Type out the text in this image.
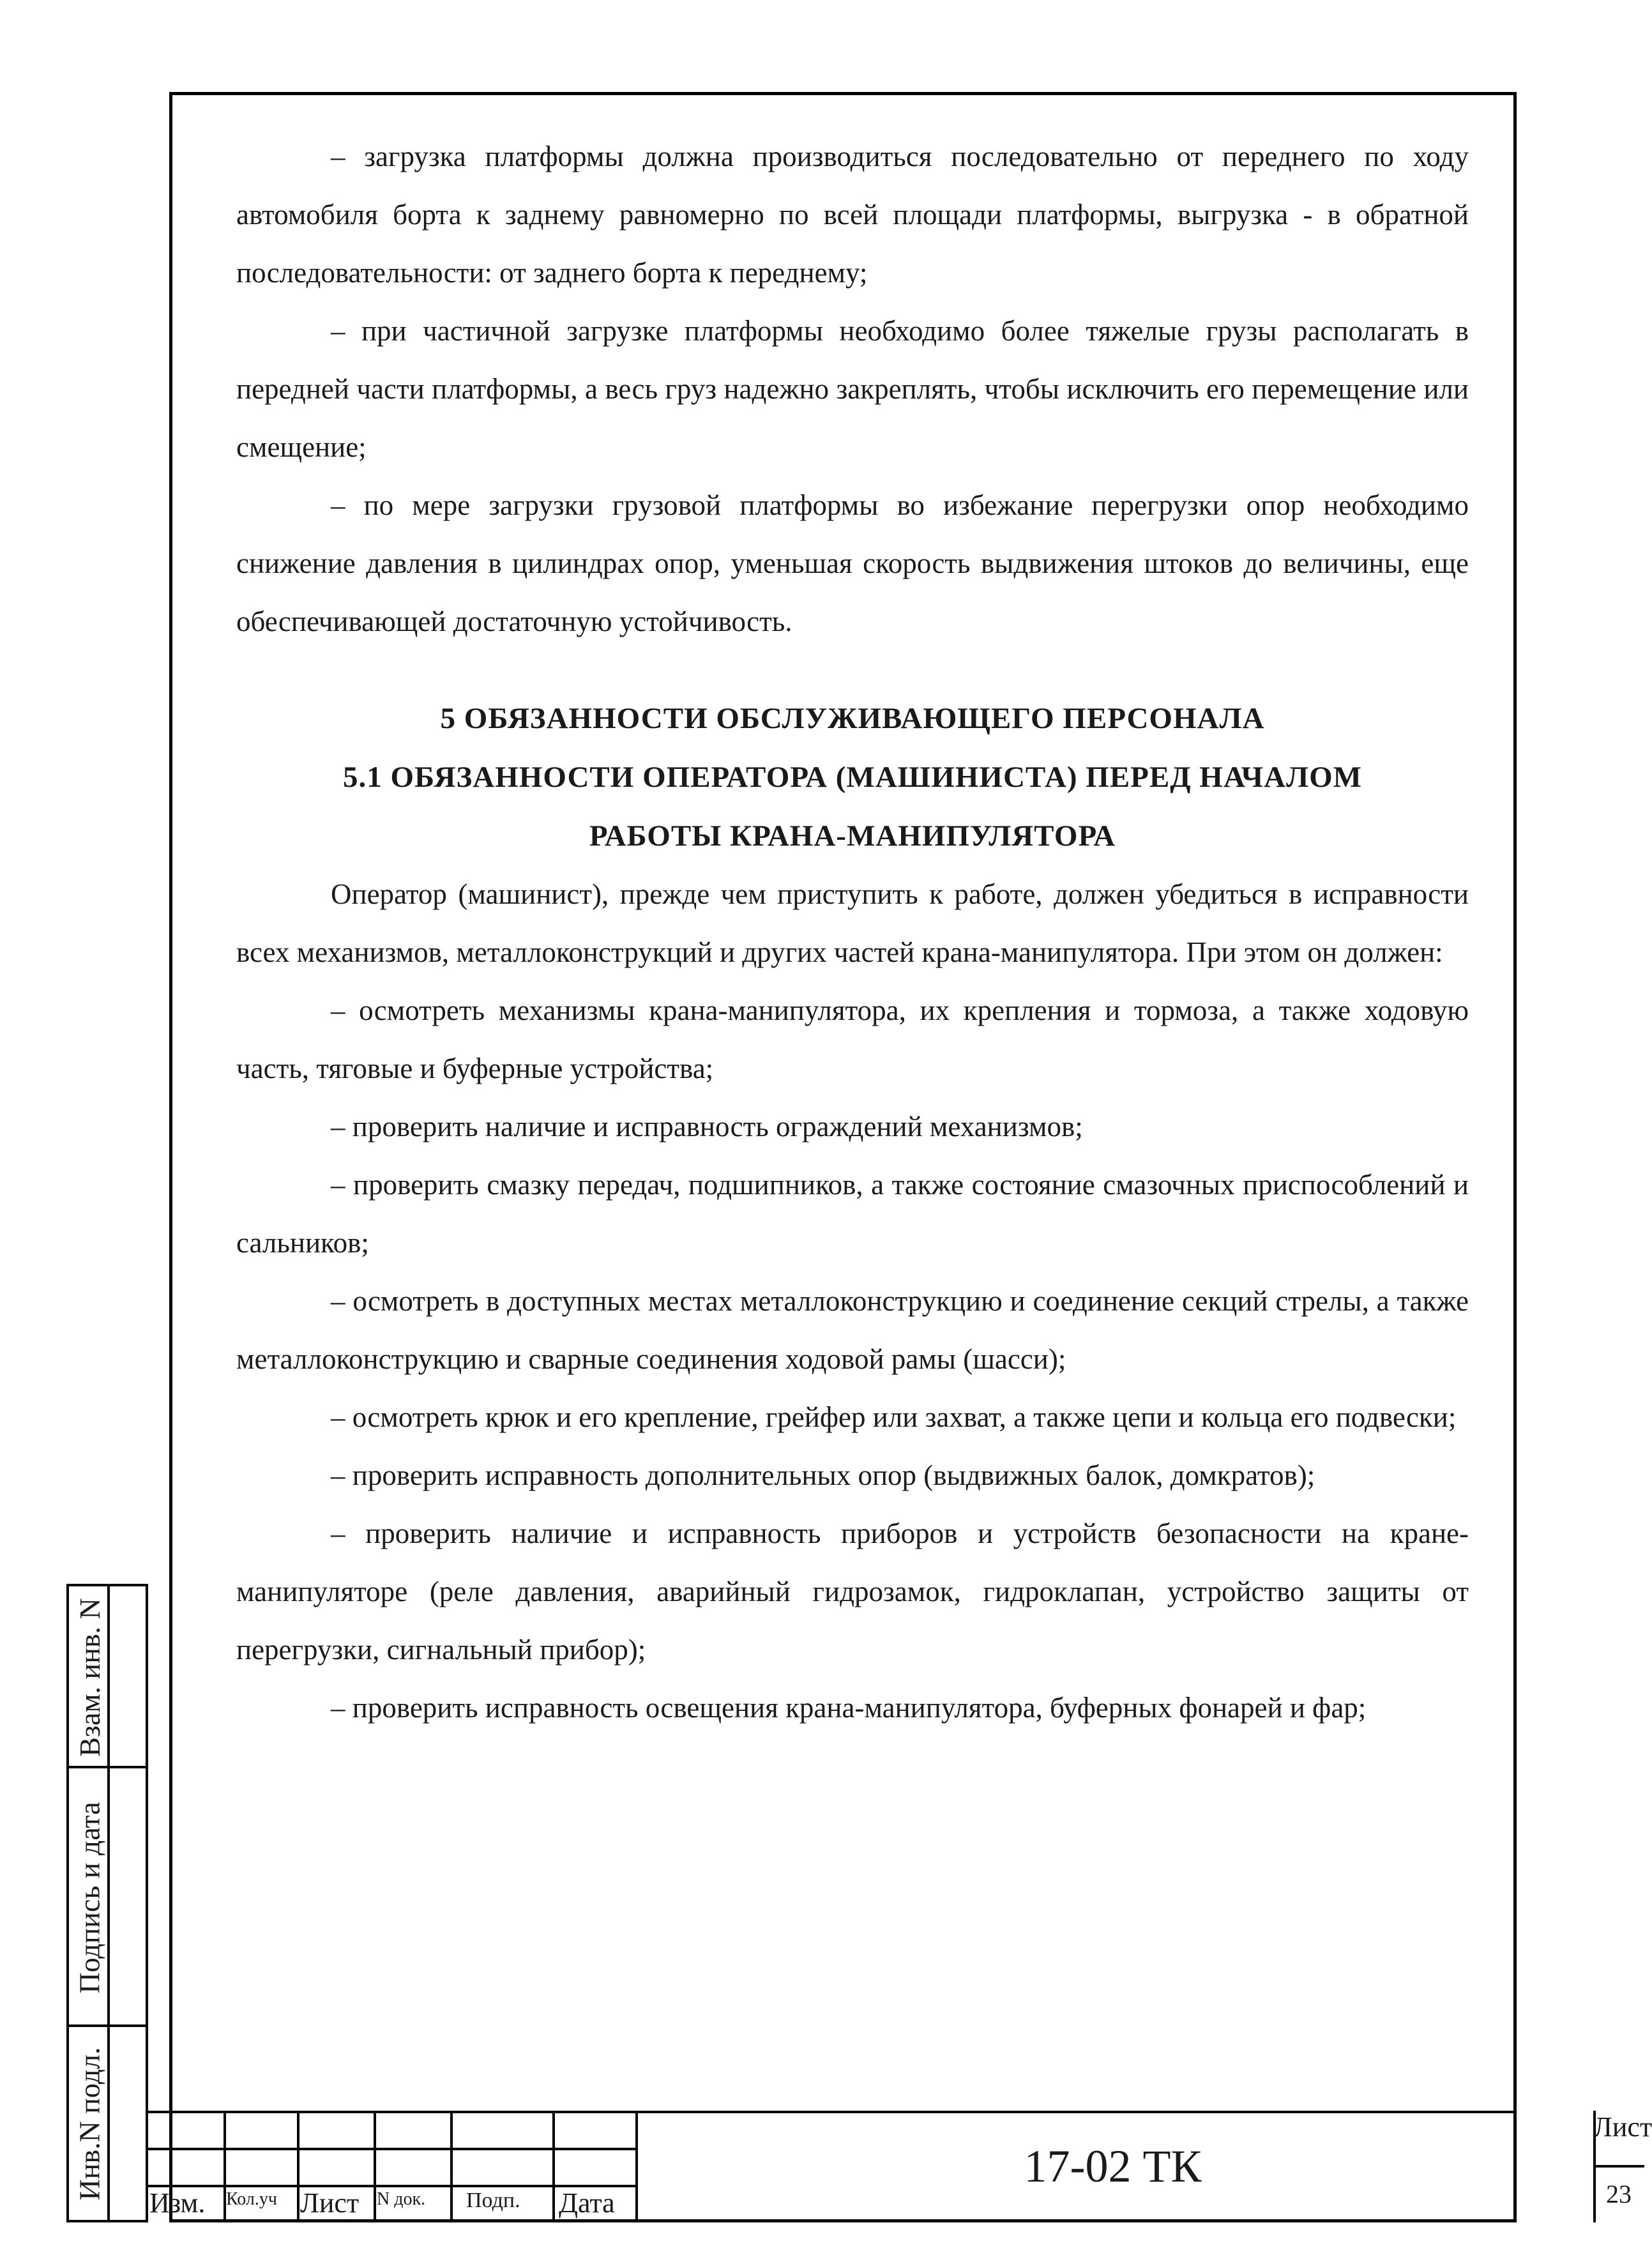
– загрузка платформы должна производиться последовательно от переднего по ходу автомобиля борта к заднему равномерно по всей площади платформы, выгрузка - в обратной последовательности: от заднего борта к переднему;

– при частичной загрузке платформы необходимо более тяжелые грузы располагать в передней части платформы, а весь груз надежно закреплять, чтобы исключить его перемещение или смещение;

– по мере загрузки грузовой платформы во избежание перегрузки опор необходимо снижение давления в цилиндрах опор, уменьшая скорость выдвижения штоков до величины, еще обеспечивающей достаточную устойчивость.

5 ОБЯЗАННОСТИ ОБСЛУЖИВАЮЩЕГО ПЕРСОНАЛА

5.1 ОБЯЗАННОСТИ ОПЕРАТОРА (МАШИНИСТА) ПЕРЕД НАЧАЛОМ

РАБОТЫ КРАНА-МАНИПУЛЯТОРА

Оператор (машинист), прежде чем приступить к работе, должен убедиться в исправности всех механизмов, металлоконструкций и других частей крана-манипулятора. При этом он должен:

– осмотреть механизмы крана-манипулятора, их крепления и тормоза, а также ходовую часть, тяговые и буферные устройства;

– проверить наличие и исправность ограждений механизмов;

– проверить смазку передач, подшипников, а также состояние смазочных приспособлений и сальников;

– осмотреть в доступных местах металлоконструкцию и соединение секций стрелы, а также металлоконструкцию и сварные соединения ходовой рамы (шасси);

– осмотреть крюк и его крепление, грейфер или захват, а также цепи и кольца его подвески;

– проверить исправность дополнительных опор (выдвижных балок, домкратов);

– проверить наличие и исправность приборов и устройств безопасности на кране-манипуляторе (реле давления, аварийный гидрозамок, гидроклапан, устройство защиты от перегрузки, сигнальный прибор);

– проверить исправность освещения крана-манипулятора, буферных фонарей и фар;

Взам. инв. N
Подпись и дата
Инв.N подл.
Изм. Кол.уч Лист N док. Подп. Дата
17-02 ТК
Лист
23
